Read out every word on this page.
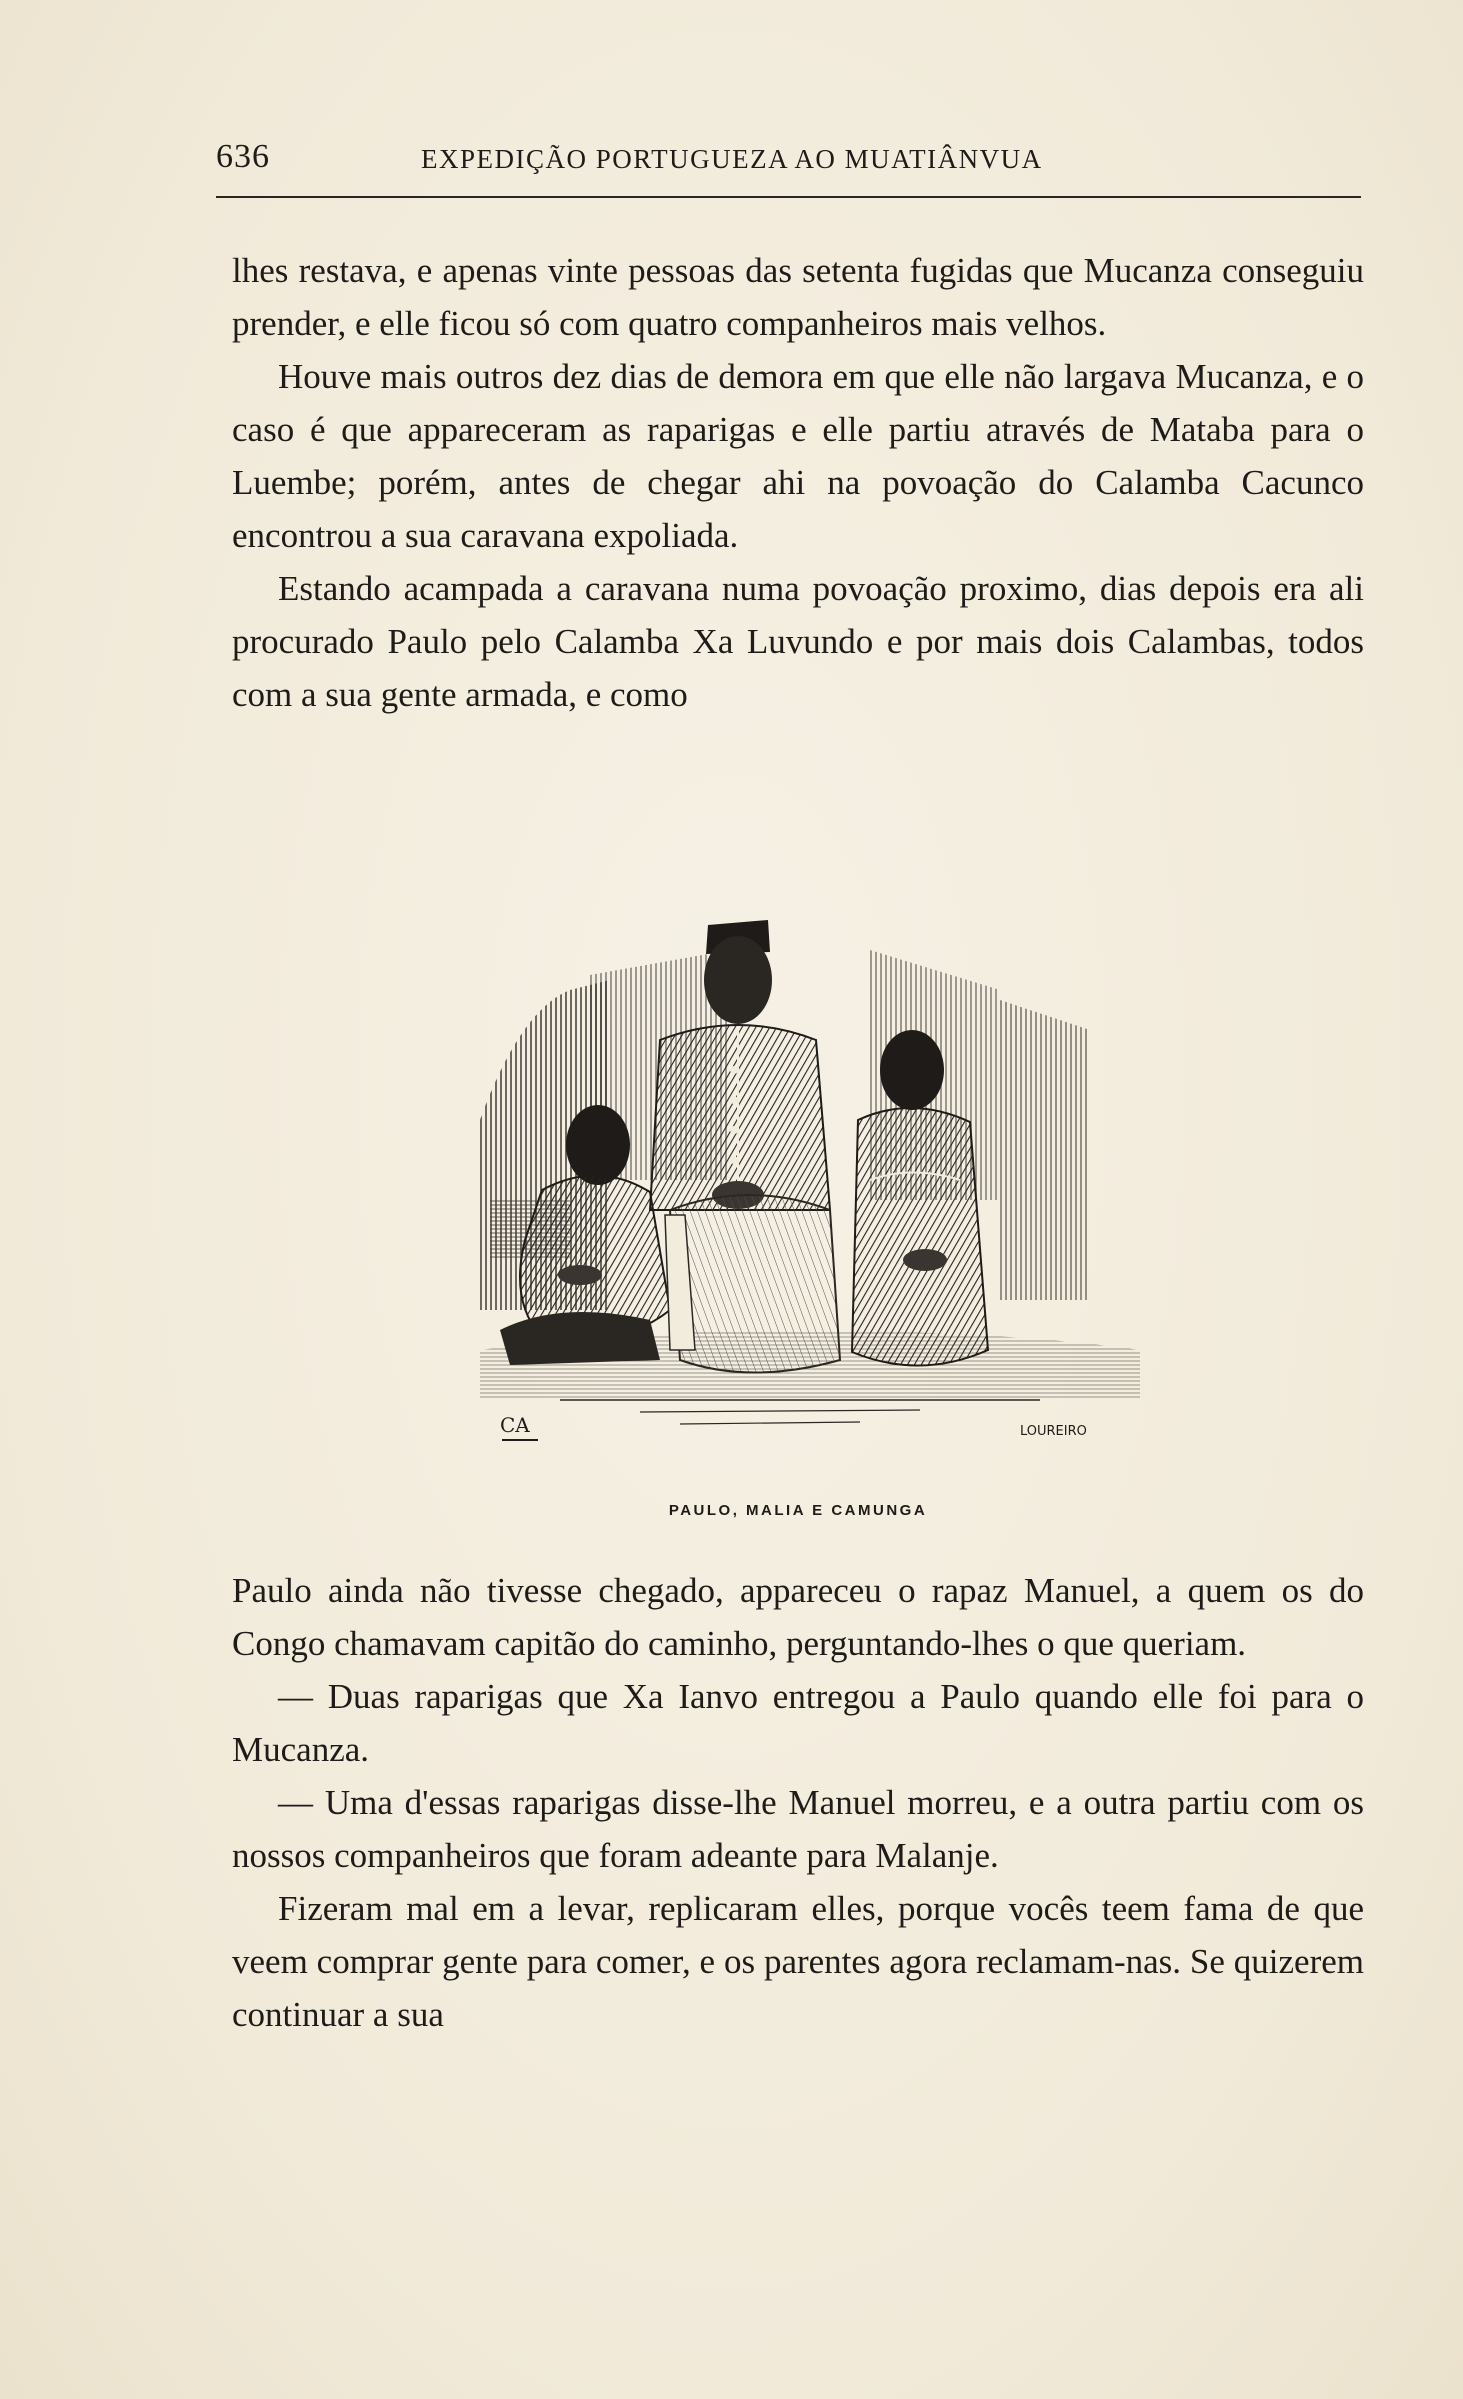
636	EXPEDIÇÃO PORTUGUEZA AO MUATIÂNVUA

lhes restava, e apenas vinte pessoas das setenta fugidas que Mucanza conseguiu prender, e elle ficou só com quatro companheiros mais velhos.

Houve mais outros dez dias de demora em que elle não largava Mucanza, e o caso é que appareceram as raparigas e elle partiu através de Mataba para o Luembe; porém, antes de chegar ahi na povoação do Calamba Cacunco encontrou a sua caravana expoliada.

Estando acampada a caravana numa povoação proximo, dias depois era ali procurado Paulo pelo Calamba Xa Luvundo e por mais dois Calambas, todos com a sua gente armada, e como

CA	LOUREIRO
PAULO, MALIA E CAMUNGA

Paulo ainda não tivesse chegado, appareceu o rapaz Manuel, a quem os do Congo chamavam capitão do caminho, perguntando-lhes o que queriam.

— Duas raparigas que Xa Ianvo entregou a Paulo quando elle foi para o Mucanza.

— Uma d'essas raparigas disse-lhe Manuel morreu, e a outra partiu com os nossos companheiros que foram adeante para Malanje.

Fizeram mal em a levar, replicaram elles, porque vocês teem fama de que veem comprar gente para comer, e os parentes agora reclamam-nas. Se quizerem continuar a sua
